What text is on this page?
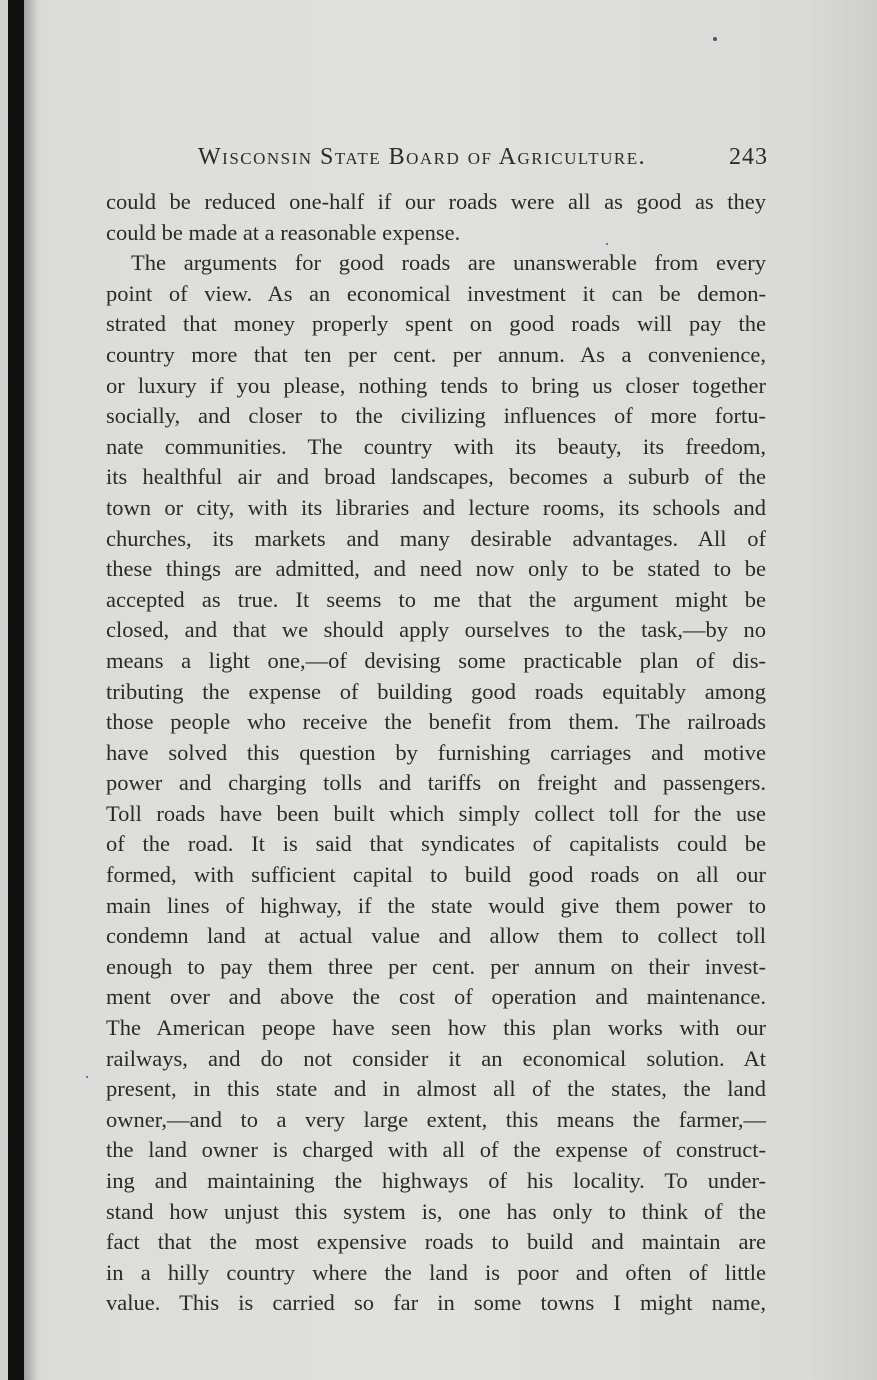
Wisconsin State Board of Agriculture.	243
could be reduced one-half if our roads were all as good as they
could be made at a reasonable expense.
The arguments for good roads are unanswerable from every
point of view. As an economical investment it can be demon-
strated that money properly spent on good roads will pay the
country more that ten per cent. per annum. As a convenience,
or luxury if you please, nothing tends to bring us closer together
socially, and closer to the civilizing influences of more fortu-
nate communities. The country with its beauty, its freedom,
its healthful air and broad landscapes, becomes a suburb of the
town or city, with its libraries and lecture rooms, its schools and
churches, its markets and many desirable advantages. All of
these things are admitted, and need now only to be stated to be
accepted as true. It seems to me that the argument might be
closed, and that we should apply ourselves to the task,—by no
means a light one,—of devising some practicable plan of dis-
tributing the expense of building good roads equitably among
those people who receive the benefit from them. The railroads
have solved this question by furnishing carriages and motive
power and charging tolls and tariffs on freight and passengers.
Toll roads have been built which simply collect toll for the use
of the road. It is said that syndicates of capitalists could be
formed, with sufficient capital to build good roads on all our
main lines of highway, if the state would give them power to
condemn land at actual value and allow them to collect toll
enough to pay them three per cent. per annum on their invest-
ment over and above the cost of operation and maintenance.
The American peope have seen how this plan works with our
railways, and do not consider it an economical solution. At
present, in this state and in almost all of the states, the land
owner,—and to a very large extent, this means the farmer,—
the land owner is charged with all of the expense of construct-
ing and maintaining the highways of his locality. To under-
stand how unjust this system is, one has only to think of the
fact that the most expensive roads to build and maintain are
in a hilly country where the land is poor and often of little
value. This is carried so far in some towns I might name,
